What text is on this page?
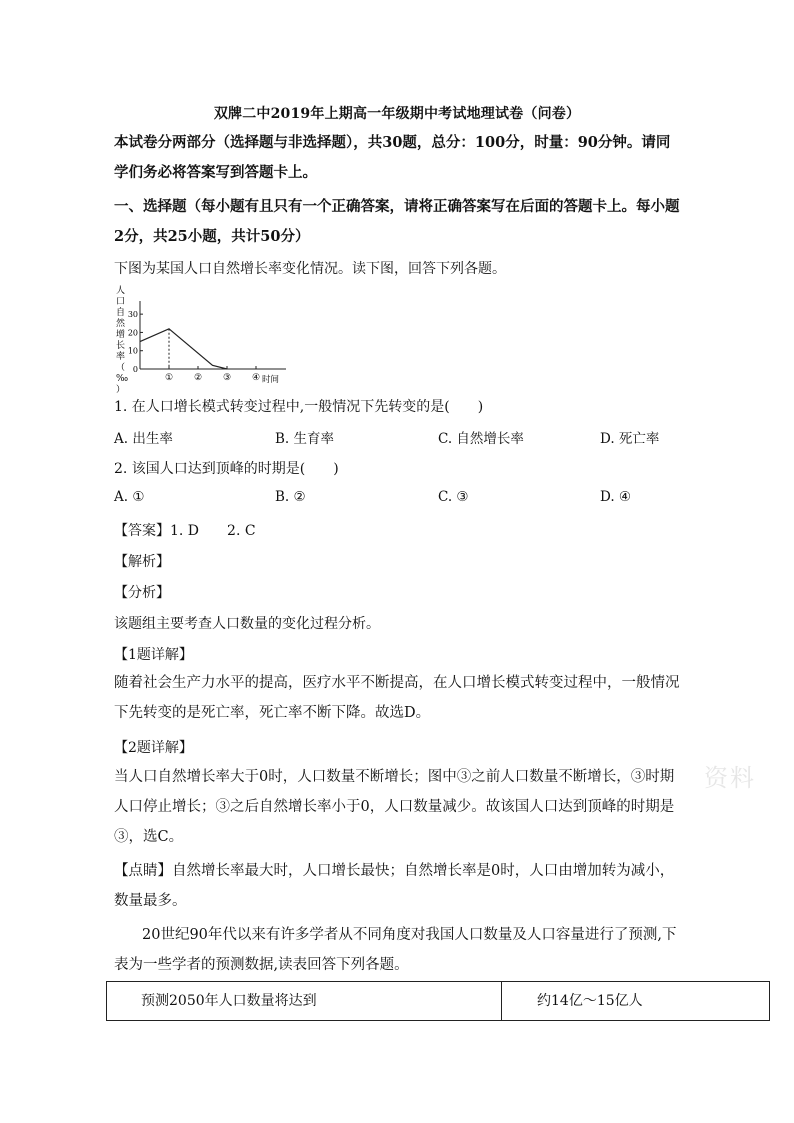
双牌二中2019年上期高一年级期中考试地理试卷（问卷）
本试卷分两部分（选择题与非选择题），共30题，总分：100分，时量：90分钟。请同学们务必将答案写到答题卡上。
一、选择题（每小题有且只有一个正确答案，请将正确答案写在后面的答题卡上。每小题2分，共25小题，共计50分）
下图为某国人口自然增长率变化情况。读下图，回答下列各题。
人
口
自
然
增
长
率
（
‰
）
0
10
20
30
① ② ③ ④ 时间
1. 在人口增长模式转变过程中,一般情况下先转变的是(　　)
A. 出生率	B. 生育率	C. 自然增长率	D. 死亡率
2. 该国人口达到顶峰的时期是(　　)
A. ①	B. ②	C. ③	D. ④
【答案】1. D　　2. C
【解析】
【分析】
该题组主要考查人口数量的变化过程分析。
【1题详解】
随着社会生产力水平的提高，医疗水平不断提高，在人口增长模式转变过程中，一般情况下先转变的是死亡率，死亡率不断下降。故选D。
【2题详解】
当人口自然增长率大于0时，人口数量不断增长；图中③之前人口数量不断增长，③时期人口停止增长；③之后自然增长率小于0，人口数量减少。故该国人口达到顶峰的时期是③，选C。
【点睛】自然增长率最大时，人口增长最快；自然增长率是0时，人口由增加转为减小，数量最多。
20世纪90年代以来有许多学者从不同角度对我国人口数量及人口容量进行了预测,下表为一些学者的预测数据,读表回答下列各题。
预测2050年人口数量将达到	约14亿～15亿人
资料
